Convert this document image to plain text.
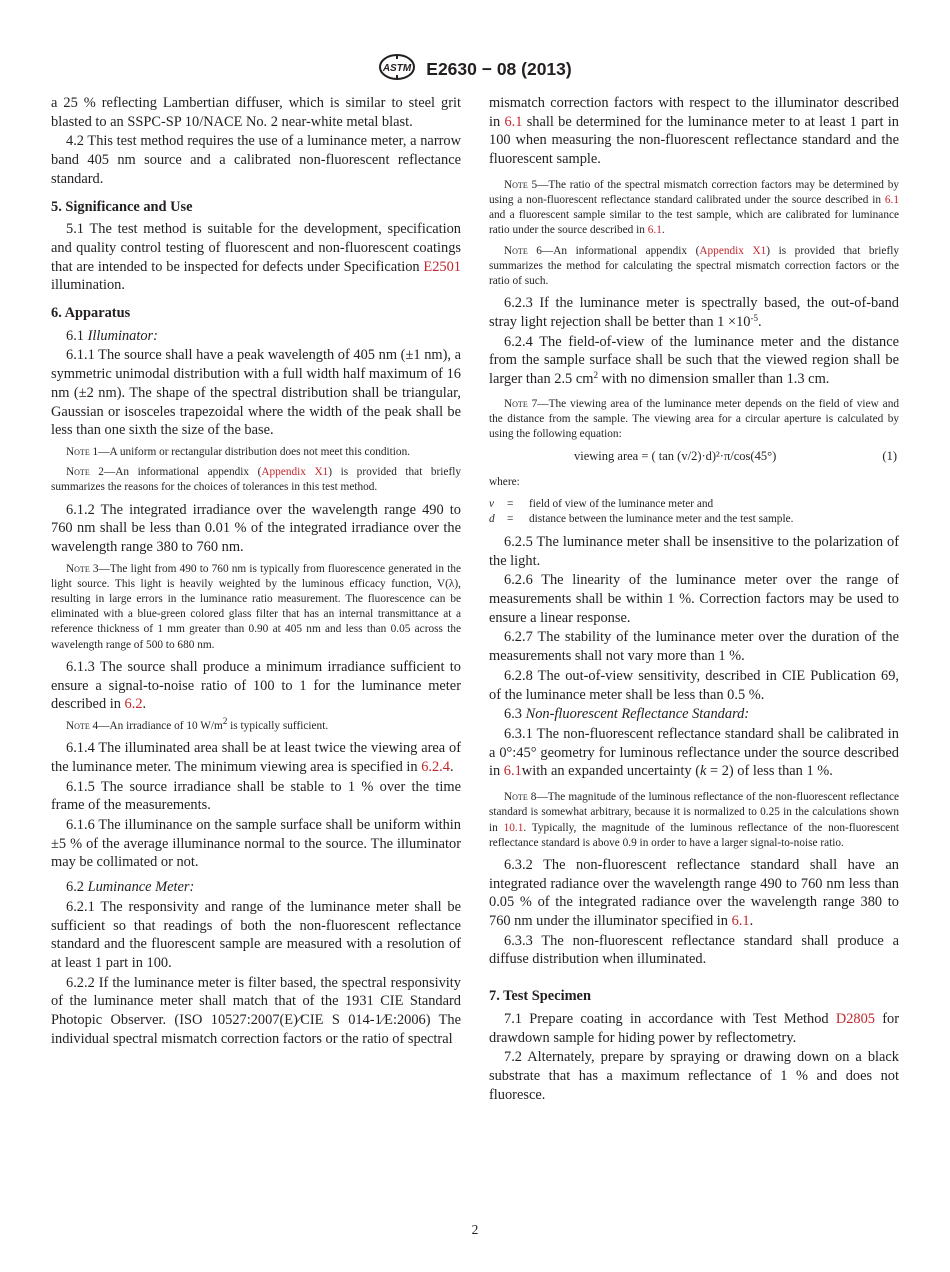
ASTM E2630 − 08 (2013)

a 25 % reflecting Lambertian diffuser, which is similar to steel grit blasted to an SSPC-SP 10/NACE No. 2 near-white metal blast.

4.2 This test method requires the use of a luminance meter, a narrow band 405 nm source and a calibrated non-fluorescent reflectance standard.

5. Significance and Use

5.1 The test method is suitable for the development, specification and quality control testing of fluorescent and non-fluorescent coatings that are intended to be inspected for defects under Specification E2501 illumination.

6. Apparatus

6.1 Illuminator:

6.1.1 The source shall have a peak wavelength of 405 nm (±1 nm), a symmetric unimodal distribution with a full width half maximum of 16 nm (±2 nm). The shape of the spectral distribution shall be triangular, Gaussian or isosceles trapezoidal where the width of the peak shall be less than one sixth the size of the base.

Note 1—A uniform or rectangular distribution does not meet this condition.

Note 2—An informational appendix (Appendix X1) is provided that briefly summarizes the reasons for the choices of tolerances in this test method.

6.1.2 The integrated irradiance over the wavelength range 490 to 760 nm shall be less than 0.01 % of the integrated irradiance over the wavelength range 380 to 760 nm.

Note 3—The light from 490 to 760 nm is typically from fluorescence generated in the light source. This light is heavily weighted by the luminous efficacy function, V(λ), resulting in large errors in the luminance ratio measurement. The fluorescence can be eliminated with a blue-green colored glass filter that has an internal transmittance at a reference thickness of 1 mm greater than 0.90 at 405 nm and less than 0.05 across the wavelength range of 500 to 680 nm.

6.1.3 The source shall produce a minimum irradiance sufficient to ensure a signal-to-noise ratio of 100 to 1 for the luminance meter described in 6.2.

Note 4—An irradiance of 10 $W/m^2$ is typically sufficient.

6.1.4 The illuminated area shall be at least twice the viewing area of the luminance meter. The minimum viewing area is specified in 6.2.4.

6.1.5 The source irradiance shall be stable to 1 % over the time frame of the measurements.

6.1.6 The illuminance on the sample surface shall be uniform within ±5 % of the average illuminance normal to the source. The illuminator may be collimated or not.

6.2 Luminance Meter:

6.2.1 The responsivity and range of the luminance meter shall be sufficient so that readings of both the non-fluorescent reflectance standard and the fluorescent sample are measured with a resolution of at least 1 part in 100.

6.2.2 If the luminance meter is filter based, the spectral responsivity of the luminance meter shall match that of the 1931 CIE Standard Photopic Observer. (ISO 10527:2007(E)⁄CIE S 014-1⁄E:2006) The individual spectral mismatch correction factors or the ratio of spectral

mismatch correction factors with respect to the illuminator described in 6.1 shall be determined for the luminance meter to at least 1 part in 100 when measuring the non-fluorescent reflectance standard and the fluorescent sample.

Note 5—The ratio of the spectral mismatch correction factors may be determined by using a non-fluorescent reflectance standard calibrated under the source described in 6.1 and a fluorescent sample similar to the test sample, which are calibrated for luminance ratio under the source described in 6.1.

Note 6—An informational appendix (Appendix X1) is provided that briefly summarizes the method for calculating the spectral mismatch correction factors or the ratio of such.

6.2.3 If the luminance meter is spectrally based, the out-of-band stray light rejection shall be better than $1 \times 10^{-5}$.

6.2.4 The field-of-view of the luminance meter and the distance from the sample surface shall be such that the viewed region shall be larger than 2.5 $cm^2$ with no dimension smaller than 1.3 cm.

Note 7—The viewing area of the luminance meter depends on the field of view and the distance from the sample. The viewing area for a circular aperture is calculated by using the following equation:

viewing area = ( tan (v/2)·d)²·π/cos(45°)	(1)

where:

v	=	field of view of the luminance meter and
d	=	distance between the luminance meter and the test sample.

6.2.5 The luminance meter shall be insensitive to the polarization of the light.

6.2.6 The linearity of the luminance meter over the range of measurements shall be within 1 %. Correction factors may be used to ensure a linear response.

6.2.7 The stability of the luminance meter over the duration of the measurements shall not vary more than 1 %.

6.2.8 The out-of-view sensitivity, described in CIE Publication 69, of the luminance meter shall be less than 0.5 %.

6.3 Non-fluorescent Reflectance Standard:

6.3.1 The non-fluorescent reflectance standard shall be calibrated in a 0°:45° geometry for luminous reflectance under the source described in 6.1with an expanded uncertainty (k = 2) of less than 1 %.

Note 8—The magnitude of the luminous reflectance of the non-fluorescent reflectance standard is somewhat arbitrary, because it is normalized to 0.25 in the calculations shown in 10.1. Typically, the magnitude of the luminous reflectance of the non-fluorescent reflectance standard is above 0.9 in order to have a larger signal-to-noise ratio.

6.3.2 The non-fluorescent reflectance standard shall have an integrated radiance over the wavelength range 490 to 760 nm less than 0.05 % of the integrated radiance over the wavelength range 380 to 760 nm under the illuminator specified in 6.1.

6.3.3 The non-fluorescent reflectance standard shall produce a diffuse distribution when illuminated.

7. Test Specimen

7.1 Prepare coating in accordance with Test Method D2805 for drawdown sample for hiding power by reflectometry.

7.2 Alternately, prepare by spraying or drawing down on a black substrate that has a maximum reflectance of 1 % and does not fluoresce.

2
